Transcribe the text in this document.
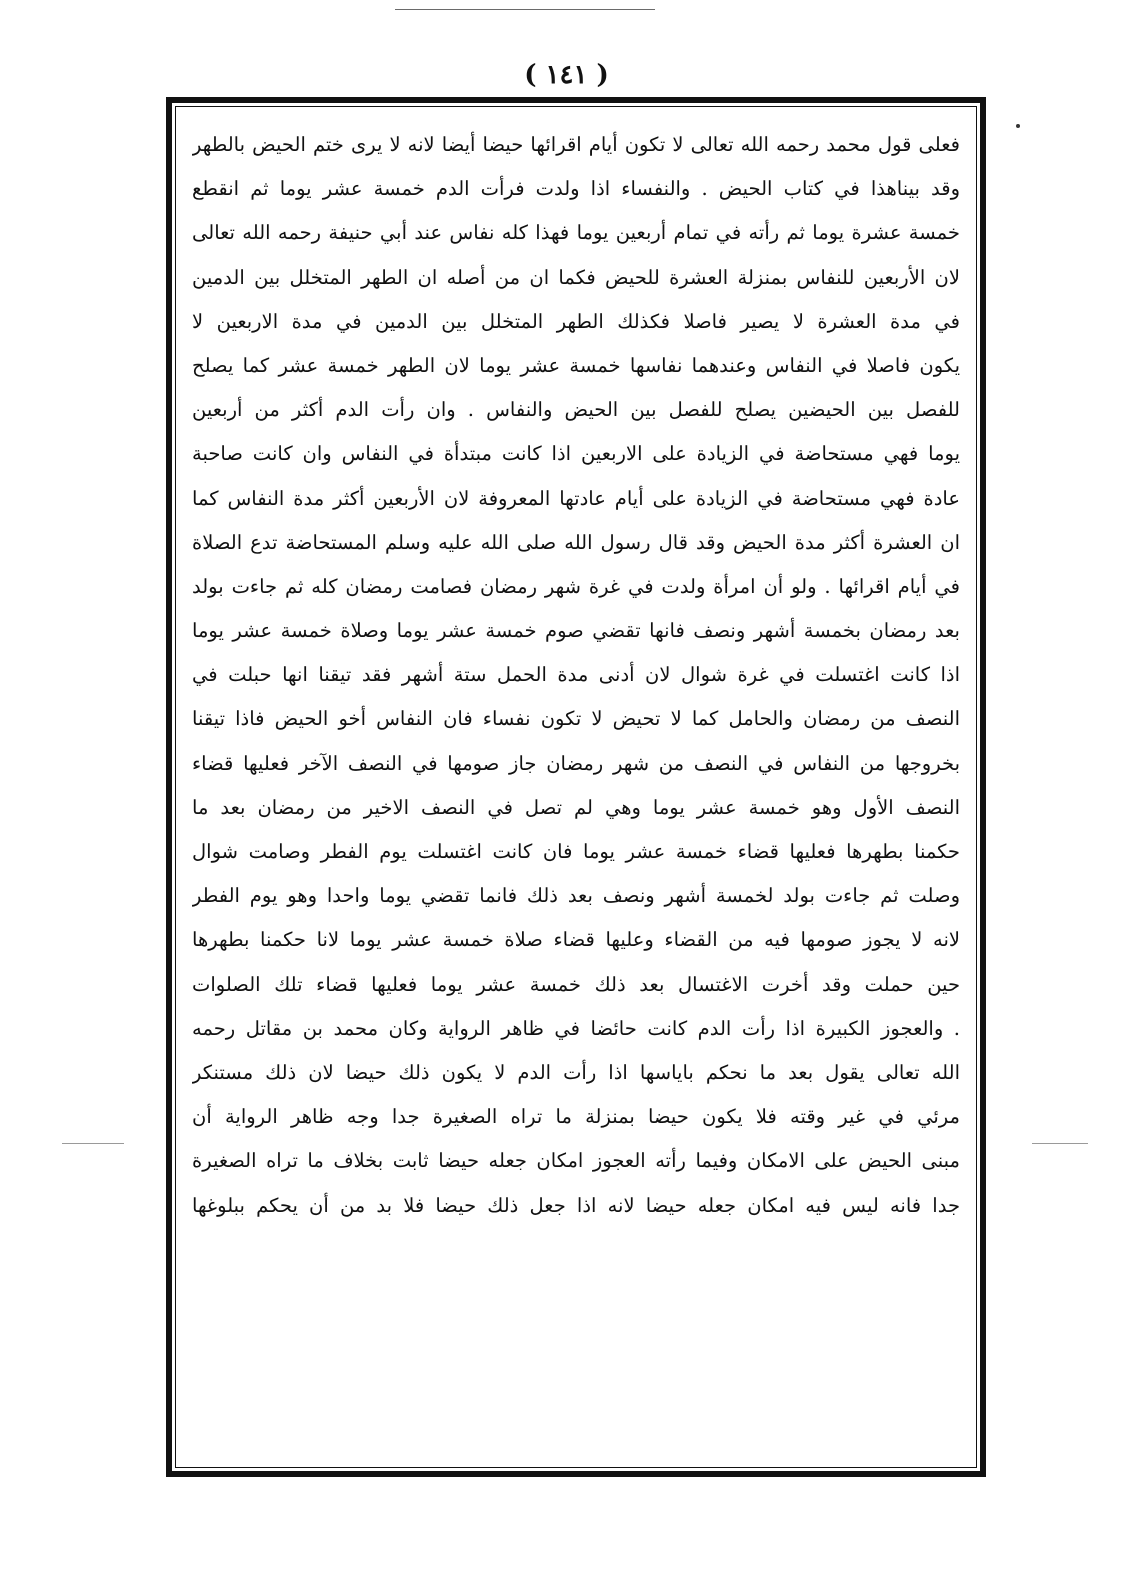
( ١٤١ )
فعلى قول محمد رحمه الله تعالى لا تكون أيام اقرائها حيضا أيضا لانه لا يرى ختم الحيض بالطهر
وقد بيناهذا في كتاب الحيض . والنفساء اذا ولدت فرأت الدم خمسة عشر يوما ثم انقطع
خمسة عشرة يوما ثم رأته في تمام أربعين يوما فهذا كله نفاس عند أبي حنيفة رحمه الله تعالى
لان الأربعين للنفاس بمنزلة العشرة للحيض فكما ان من أصله ان الطهر المتخلل بين الدمين
في مدة العشرة لا يصير فاصلا فكذلك الطهر المتخلل بين الدمين في مدة الاربعين لا
يكون فاصلا في النفاس وعندهما نفاسها خمسة عشر يوما لان الطهر خمسة عشر كما يصلح
للفصل بين الحيضين يصلح للفصل بين الحيض والنفاس . وان رأت الدم أكثر من أربعين
يوما فهي مستحاضة في الزيادة على الاربعين اذا كانت مبتدأة في النفاس وان كانت صاحبة
عادة فهي مستحاضة في الزيادة على أيام عادتها المعروفة لان الأربعين أكثر مدة النفاس كما
ان العشرة أكثر مدة الحيض وقد قال رسول الله صلى الله عليه وسلم المستحاضة تدع الصلاة
في أيام اقرائها . ولو أن امرأة ولدت في غرة شهر رمضان فصامت رمضان كله ثم جاءت بولد
بعد رمضان بخمسة أشهر ونصف فانها تقضي صوم خمسة عشر يوما وصلاة خمسة عشر يوما
اذا كانت اغتسلت في غرة شوال لان أدنى مدة الحمل ستة أشهر فقد تيقنا انها حبلت في
النصف من رمضان والحامل كما لا تحيض لا تكون نفساء فان النفاس أخو الحيض فاذا تيقنا
بخروجها من النفاس في النصف من شهر رمضان جاز صومها في النصف الآخر فعليها قضاء
النصف الأول وهو خمسة عشر يوما وهي لم تصل في النصف الاخير من رمضان بعد ما
حكمنا بطهرها فعليها قضاء خمسة عشر يوما فان كانت اغتسلت يوم الفطر وصامت شوال
وصلت ثم جاءت بولد لخمسة أشهر ونصف بعد ذلك فانما تقضي يوما واحدا وهو يوم الفطر
لانه لا يجوز صومها فيه من القضاء وعليها قضاء صلاة خمسة عشر يوما لانا حكمنا بطهرها
حين حملت وقد أخرت الاغتسال بعد ذلك خمسة عشر يوما فعليها قضاء تلك الصلوات
. والعجوز الكبيرة اذا رأت الدم كانت حائضا في ظاهر الرواية وكان محمد بن مقاتل رحمه
الله تعالى يقول بعد ما نحكم باياسها اذا رأت الدم لا يكون ذلك حيضا لان ذلك مستنكر
مرئي في غير وقته فلا يكون حيضا بمنزلة ما تراه الصغيرة جدا وجه ظاهر الرواية أن
مبنى الحيض على الامكان وفيما رأته العجوز امكان جعله حيضا ثابت بخلاف ما تراه الصغيرة
جدا فانه ليس فيه امكان جعله حيضا لانه اذا جعل ذلك حيضا فلا بد من أن يحكم ببلوغها
